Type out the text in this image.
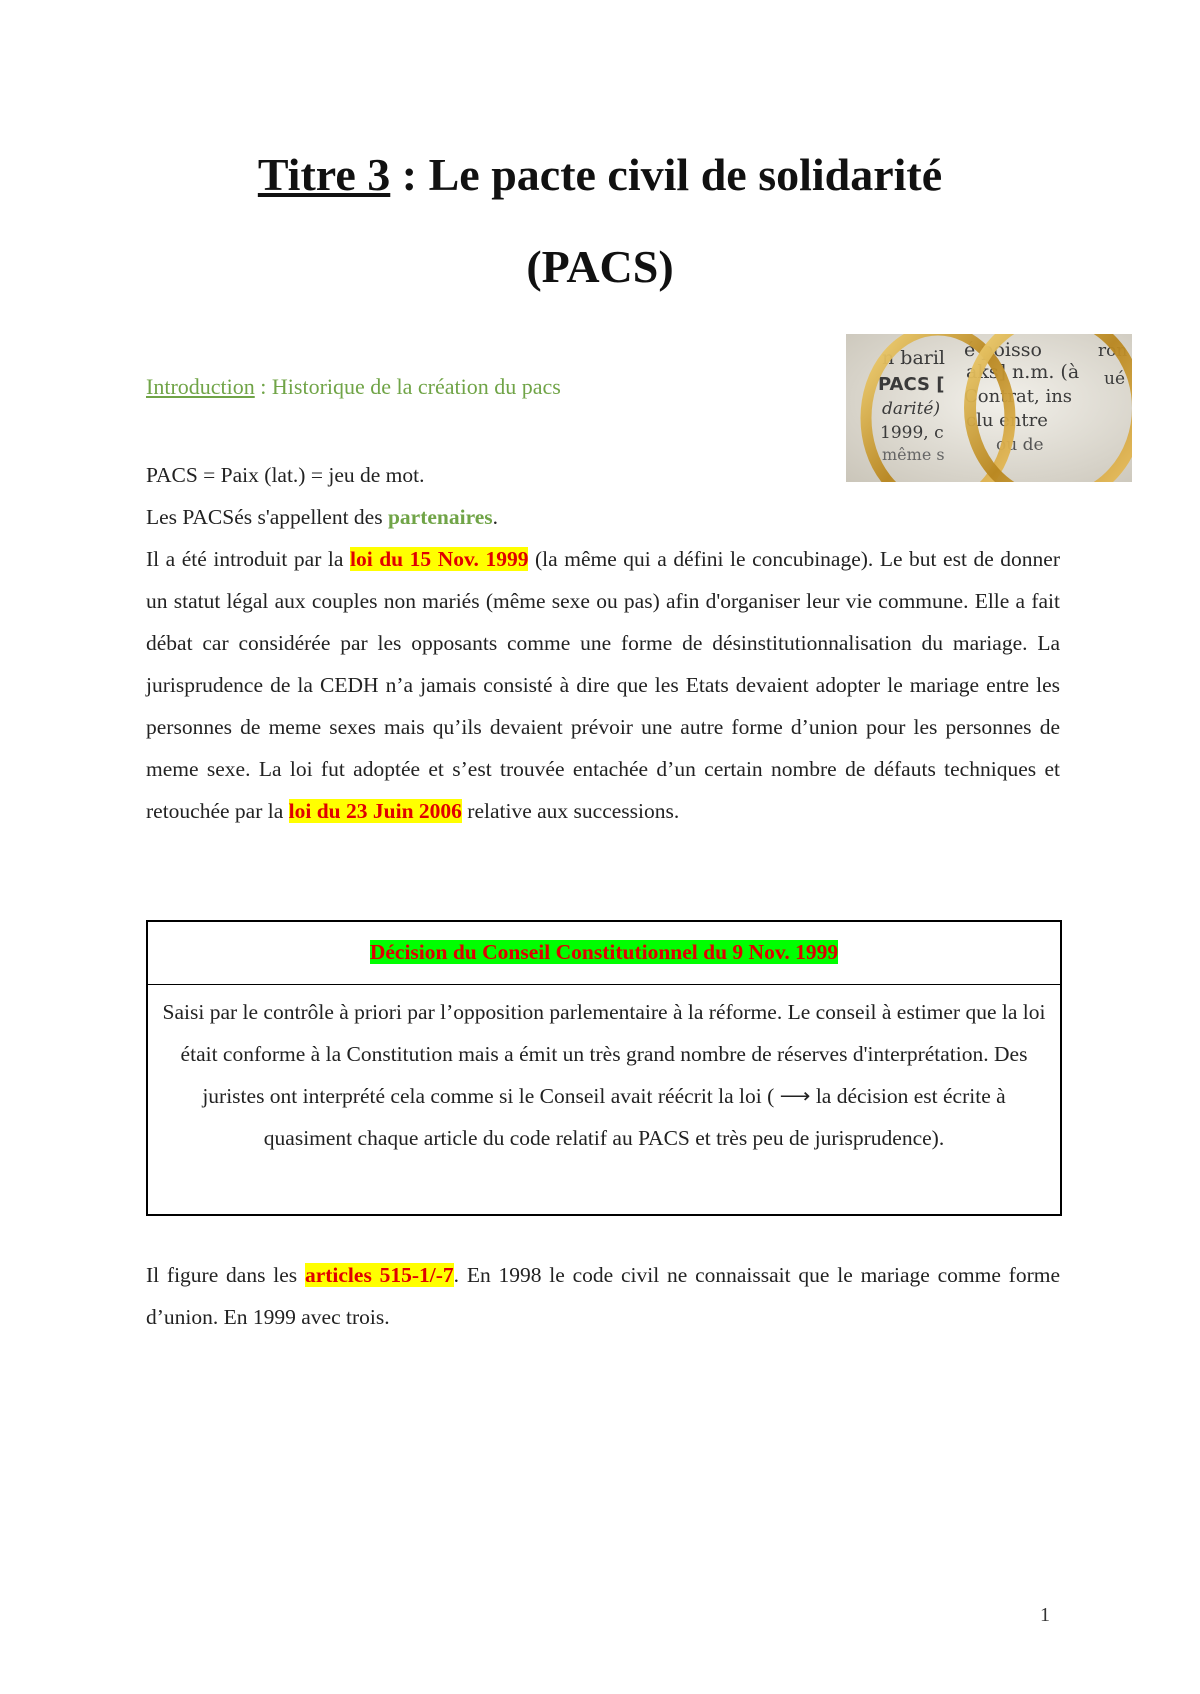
Titre 3 : Le pacte civil de solidarité
(PACS)
Introduction : Historique de la création du pacs
n baril é poisso
PACS [
aks] n.m. (à
ron
darité)
Contrat, ins
ué
1999, c
clu entre
même s	ou de
PACS = Paix (lat.) = jeu de mot.
Les PACSés s'appellent des partenaires.
Il a été introduit par la loi du 15 Nov. 1999 (la même qui a défini le concubinage). Le but est de donner un statut légal aux couples non mariés (même sexe ou pas) afin d'organiser leur vie commune. Elle a fait débat car considérée par les opposants comme une forme de désinstitutionnalisation du mariage. La jurisprudence de la CEDH n’a jamais consisté à dire que les Etats devaient adopter le mariage entre les personnes de meme sexes mais qu’ils devaient prévoir une autre forme d’union pour les personnes de meme sexe. La loi fut adoptée et s’est trouvée entachée d’un certain nombre de défauts techniques et retouchée par la loi du 23 Juin 2006 relative aux successions.
Décision du Conseil Constitutionnel du 9 Nov. 1999
Saisi par le contrôle à priori par l’opposition parlementaire à la réforme. Le conseil à estimer que la loi était conforme à la Constitution mais a émit un très grand nombre de réserves d'interprétation. Des juristes ont interprété cela comme si le Conseil avait réécrit la loi ( ⟶ la décision est écrite à quasiment chaque article du code relatif au PACS et très peu de jurisprudence).
Il figure dans les articles 515-1/-7. En 1998 le code civil ne connaissait que le mariage comme forme d’union. En 1999 avec trois.
1
